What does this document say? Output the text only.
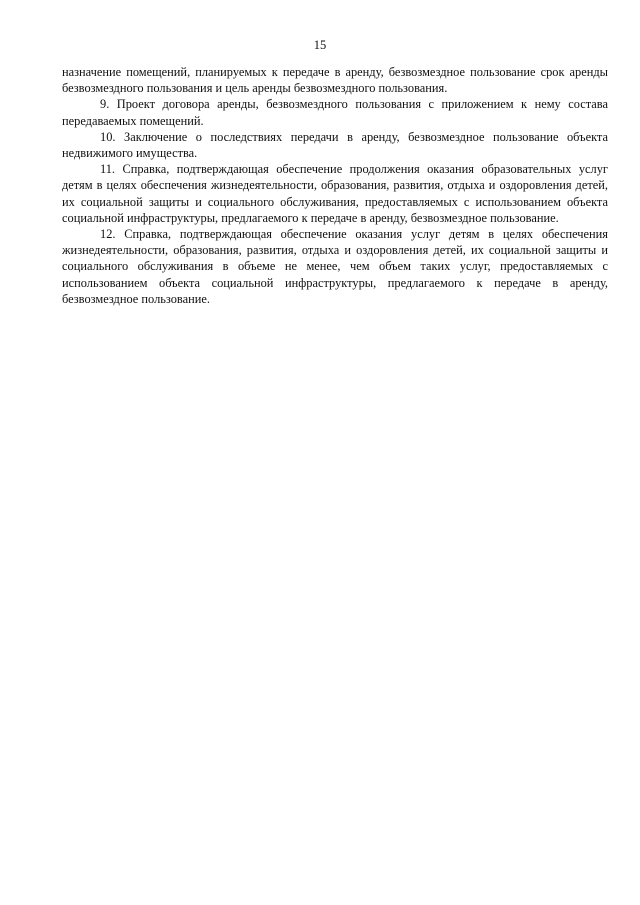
15

назначение помещений, планируемых к передаче в аренду, безвозмездное пользование срок аренды безвозмездного пользования и цель аренды безвозмездного пользования.

9. Проект договора аренды, безвозмездного пользования с приложением к нему состава передаваемых помещений.

10. Заключение о последствиях передачи в аренду, безвозмездное пользование объекта недвижимого имущества.

11. Справка, подтверждающая обеспечение продолжения оказания образовательных услуг детям в целях обеспечения жизнедеятельности, образования, развития, отдыха и оздоровления детей, их социальной защиты и социального обслуживания, предоставляемых с использованием объекта социальной инфраструктуры, предлагаемого к передаче в аренду, безвозмездное пользование.

12. Справка, подтверждающая обеспечение оказания услуг детям в целях обеспечения жизнедеятельности, образования, развития, отдыха и оздоровления детей, их социальной защиты и социального обслуживания в объеме не менее, чем объем таких услуг, предоставляемых с использованием объекта социальной инфраструктуры, предлагаемого к передаче в аренду, безвозмездное пользование.
